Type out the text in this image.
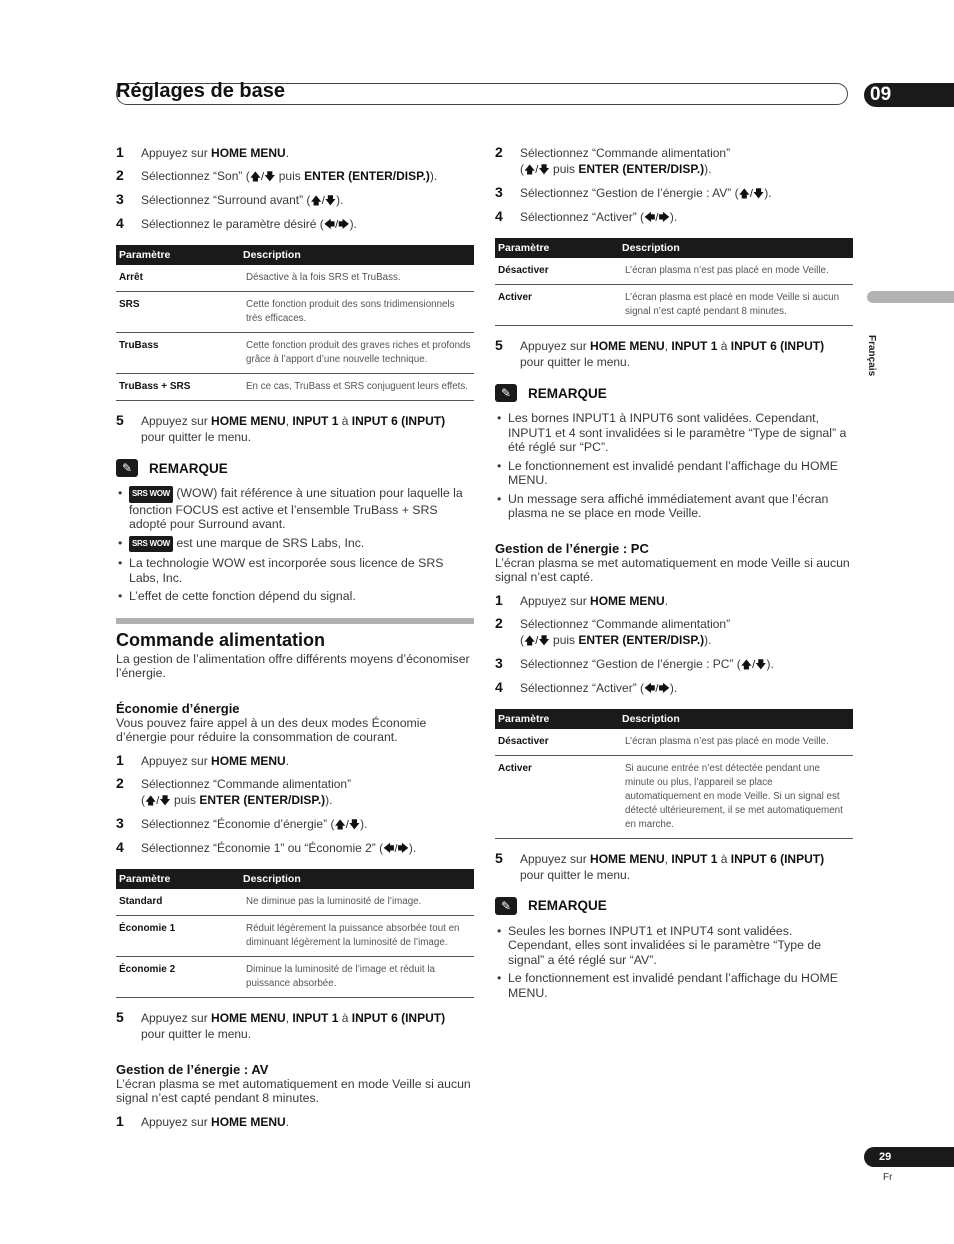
Réglages de base	09
Français
1	Appuyez sur HOME MENU.
2	Sélectionnez “Son” (🡅/🡇 puis ENTER (ENTER/DISP.)).
3	Sélectionnez “Surround avant” (🡅/🡇).
4	Sélectionnez le paramètre désiré (🡄/🡆).
Paramètre	Description
Arrêt	Désactive à la fois SRS et TruBass.
SRS	Cette fonction produit des sons tridimensionnels très efficaces.
TruBass	Cette fonction produit des graves riches et profonds grâce à l’apport d’une nouvelle technique.
TruBass + SRS	En ce cas, TruBass et SRS conjuguent leurs effets.
5	Appuyez sur HOME MENU, INPUT 1 à INPUT 6 (INPUT)
pour quitter le menu.
✎	REMARQUE
• SRS WOW (WOW) fait référence à une situation pour laquelle la fonction FOCUS est active et l’ensemble TruBass + SRS adopté pour Surround avant.
• SRS WOW est une marque de SRS Labs, Inc.
• La technologie WOW est incorporée sous licence de SRS Labs, Inc.
• L’effet de cette fonction dépend du signal.
Commande alimentation
La gestion de l’alimentation offre différents moyens d’économiser l’énergie.
Économie d’énergie
Vous pouvez faire appel à un des deux modes Économie d’énergie pour réduire la consommation de courant.
1	Appuyez sur HOME MENU.
2	Sélectionnez “Commande alimentation”
(🡅/🡇 puis ENTER (ENTER/DISP.)).
3	Sélectionnez “Économie d’énergie” (🡅/🡇).
4	Sélectionnez “Économie 1” ou “Économie 2” (🡄/🡆).
Paramètre	Description
Standard	Ne diminue pas la luminosité de l’image.
Économie 1	Réduit légèrement la puissance absorbée tout en diminuant légèrement la luminosité de l’image.
Économie 2	Diminue la luminosité de l’image et réduit la puissance absorbée.
5	Appuyez sur HOME MENU, INPUT 1 à INPUT 6 (INPUT)
pour quitter le menu.
Gestion de l’énergie : AV
L’écran plasma se met automatiquement en mode Veille si aucun signal n’est capté pendant 8 minutes.
1	Appuyez sur HOME MENU.
2	Sélectionnez “Commande alimentation”
(🡅/🡇 puis ENTER (ENTER/DISP.)).
3	Sélectionnez “Gestion de l’énergie : AV” (🡅/🡇).
4	Sélectionnez “Activer” (🡄/🡆).
Paramètre	Description
Désactiver	L’écran plasma n’est pas placé en mode Veille.
Activer	L’écran plasma est placé en mode Veille si aucun signal n’est capté pendant 8 minutes.
5	Appuyez sur HOME MENU, INPUT 1 à INPUT 6 (INPUT)
pour quitter le menu.
✎	REMARQUE
• Les bornes INPUT1 à INPUT6 sont validées. Cependant, INPUT1 et 4 sont invalidées si le paramètre “Type de signal” a été réglé sur “PC”.
• Le fonctionnement est invalidé pendant l’affichage du HOME MENU.
• Un message sera affiché immédiatement avant que l’écran plasma ne se place en mode Veille.
Gestion de l’énergie : PC
L’écran plasma se met automatiquement en mode Veille si aucun signal n’est capté.
1	Appuyez sur HOME MENU.
2	Sélectionnez “Commande alimentation”
(🡅/🡇 puis ENTER (ENTER/DISP.)).
3	Sélectionnez “Gestion de l’énergie : PC” (🡅/🡇).
4	Sélectionnez “Activer” (🡄/🡆).
Paramètre	Description
Désactiver	L’écran plasma n’est pas placé en mode Veille.
Activer	Si aucune entrée n’est détectée pendant une minute ou plus, l’appareil se place automatiquement en mode Veille. Si un signal est détecté ultérieurement, il se met automatiquement en marche.
5	Appuyez sur HOME MENU, INPUT 1 à INPUT 6 (INPUT)
pour quitter le menu.
✎	REMARQUE
• Seules les bornes INPUT1 et INPUT4 sont validées. Cependant, elles sont invalidées si le paramètre “Type de signal” a été réglé sur “AV”.
• Le fonctionnement est invalidé pendant l’affichage du HOME MENU.
29
Fr
